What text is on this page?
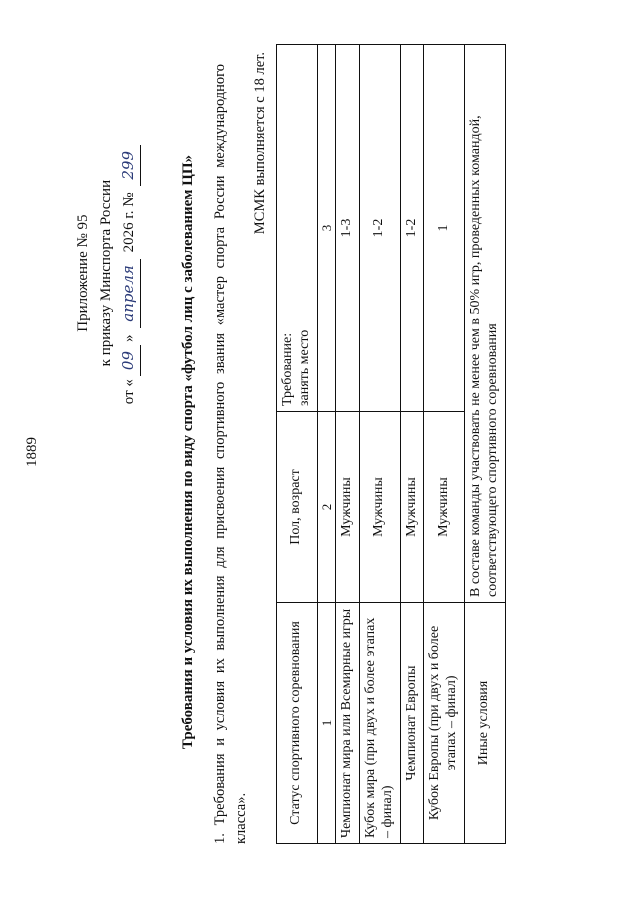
1889
Приложение № 95 к приказу Минспорта России
от «09» апреля 2026 г. № 299	Требования и условия их выполнения по виду спорта «футбол лиц с заболеванием ЦП» 1. Требования и условия их выполнения для присвоения спортивного звания «мастер спорта России международного класса».
МСМК выполняется с 18 лет.
Статус спортивного соревнования	Пол, возраст	Требование:
занять место
1	2	3
Чемпионат мира или Всемирные игры	Мужчины	1-3
Кубок мира (при двух и более этапах – финал)	Мужчины	1-2
Чемпионат Европы	Мужчины	1-2
Кубок Европы (при двух и более этапах – финал)	Мужчины	1
Иные условия	В составе команды участвовать не менее чем в 50% игр, проведенных командой, соответствующего спортивного соревнования	
